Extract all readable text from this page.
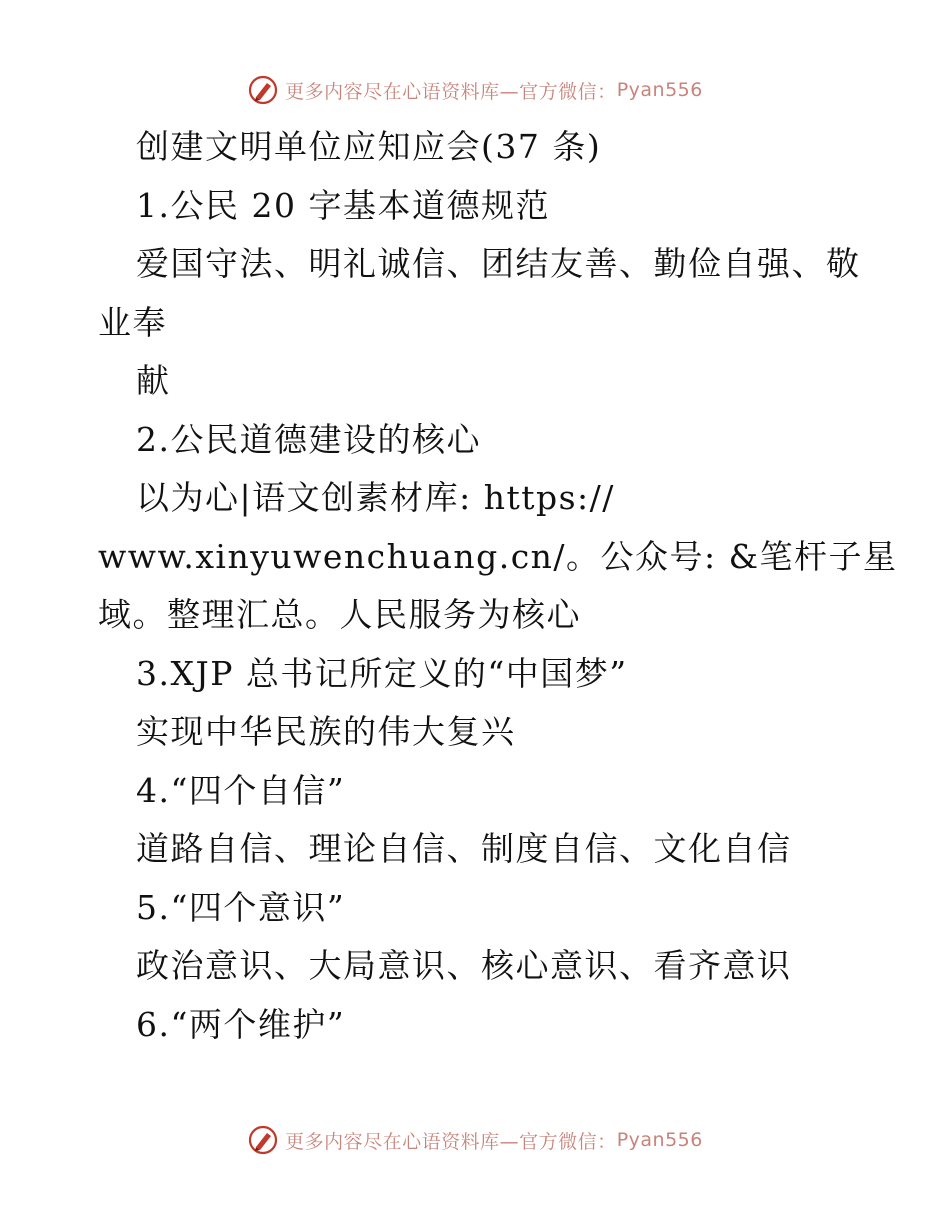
更多内容尽在心语资料库 —官方微信： Pyan556
创建文明单位应知应会(37 条)
1.公民 20 字基本道德规范
爱国守法、明礼诚信、团结友善、勤俭自强、敬
业奉
献
2.公民道德建设的核心
以为心|语文创素材库: https://
www.xinyuwenchuang.cn/。公众号: &笔杆子星
域。整理汇总。人民服务为核心
3.XJP 总书记所定义的“中国梦”
实现中华民族的伟大复兴
4.“四个自信”
道路自信、理论自信、制度自信、文化自信
5.“四个意识”
政治意识、大局意识、核心意识、看齐意识
6.“两个维护”
更多内容尽在心语资料库 —官方微信： Pyan556
